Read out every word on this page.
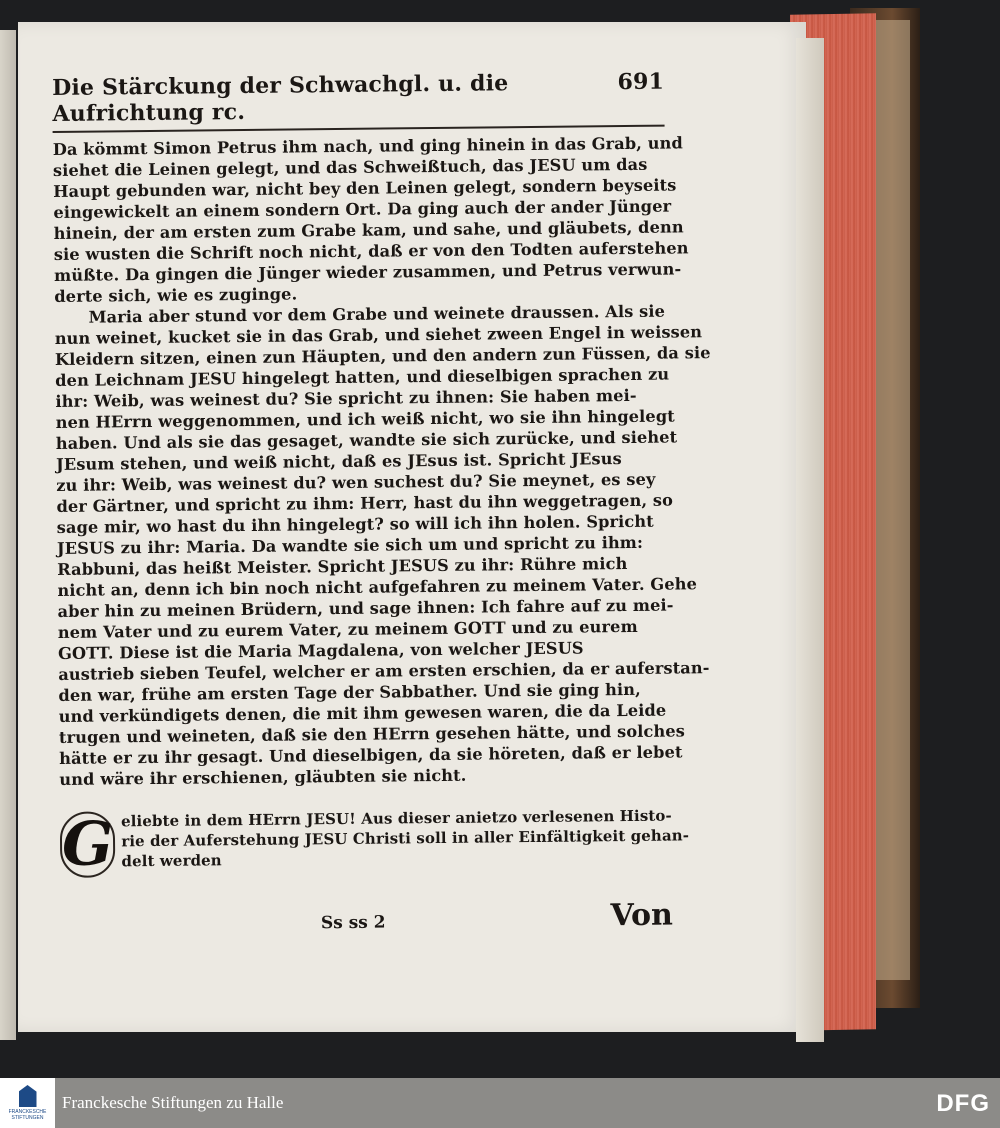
Die Stärckung der Schwachgl. u. die Aufrichtung rc.
691
Da kömmt Simon Petrus ihm nach, und ging hinein in das Grab, und
siehet die Leinen gelegt, und das Schweißtuch, das JESU um das
Haupt gebunden war, nicht bey den Leinen gelegt, sondern beyseits
eingewickelt an einem sondern Ort. Da ging auch der ander Jünger
hinein, der am ersten zum Grabe kam, und sahe, und gläubets, denn
sie wusten die Schrift noch nicht, daß er von den Todten auferstehen
müßte. Da gingen die Jünger wieder zusammen, und Petrus verwun-
derte sich, wie es zuginge.
Maria aber stund vor dem Grabe und weinete draussen. Als sie
nun weinet, kucket sie in das Grab, und siehet zween Engel in weissen
Kleidern sitzen, einen zun Häupten, und den andern zun Füssen, da sie
den Leichnam JESU hingelegt hatten, und dieselbigen sprachen zu
ihr: Weib, was weinest du? Sie spricht zu ihnen: Sie haben mei-
nen HErrn weggenommen, und ich weiß nicht, wo sie ihn hingelegt
haben. Und als sie das gesaget, wandte sie sich zurücke, und siehet
JEsum stehen, und weiß nicht, daß es JEsus ist. Spricht JEsus
zu ihr: Weib, was weinest du? wen suchest du? Sie meynet, es sey
der Gärtner, und spricht zu ihm: Herr, hast du ihn weggetragen, so
sage mir, wo hast du ihn hingelegt? so will ich ihn holen. Spricht
JESUS zu ihr: Maria. Da wandte sie sich um und spricht zu ihm:
Rabbuni, das heißt Meister. Spricht JESUS zu ihr: Rühre mich
nicht an, denn ich bin noch nicht aufgefahren zu meinem Vater. Gehe
aber hin zu meinen Brüdern, und sage ihnen: Ich fahre auf zu mei-
nem Vater und zu eurem Vater, zu meinem GOTT und zu eurem
GOTT. Diese ist die Maria Magdalena, von welcher JESUS
austrieb sieben Teufel, welcher er am ersten erschien, da er auferstan-
den war, frühe am ersten Tage der Sabbather. Und sie ging hin,
und verkündigets denen, die mit ihm gewesen waren, die da Leide
trugen und weineten, daß sie den HErrn gesehen hätte, und solches
hätte er zu ihr gesagt. Und dieselbigen, da sie höreten, daß er lebet
und wäre ihr erschienen, gläubten sie nicht.
G eliebte in dem HErrn JESU! Aus dieser anietzo verlesenen Histo-
rie der Auferstehung JESU Christi soll in aller Einfältigkeit gehan-
delt werden
Ss ss 2	Von
FRANCKESCHE STIFTUNGEN
Franckesche Stiftungen zu Halle	DFG
